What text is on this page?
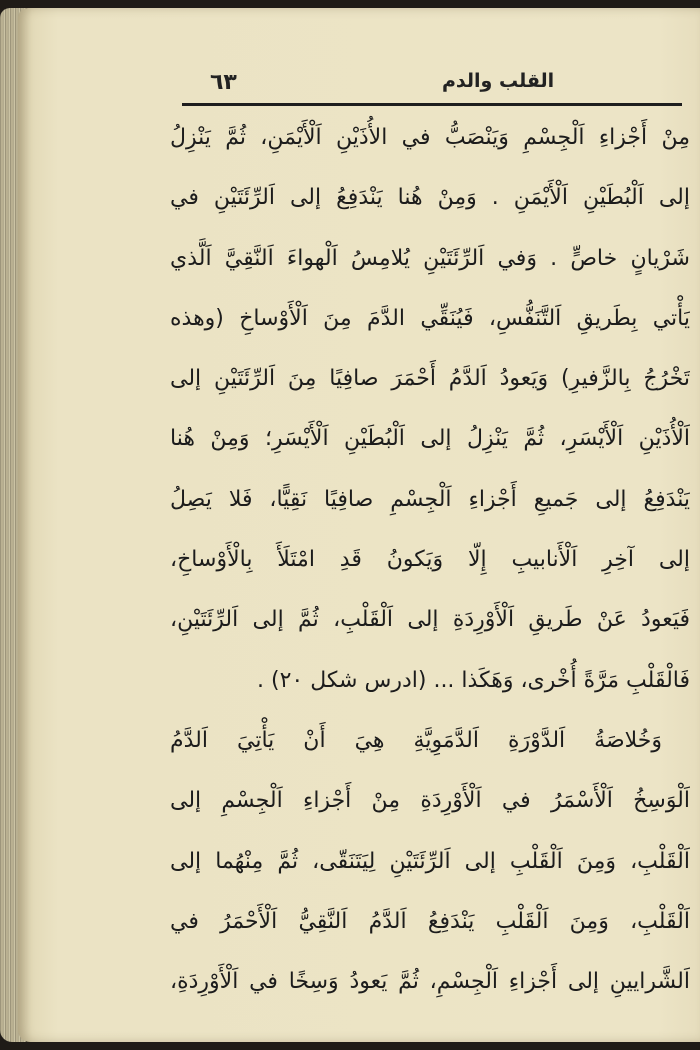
٦٣	القلب والدم
مِنْ أَجْزاءِ اَلْجِسْمِ وَيَنْصَبُّ في الأُذَيْنِ اَلْأَيْمَنِ، ثُمَّ يَنْزِلُ
إلى اَلْبُطَيْنِ اَلْأَيْمَنِ . وَمِنْ هُنا يَنْدَفِعُ إلى اَلرِّئَتَيْنِ في
شَرْيانٍ خاصٍّ . وَفي اَلرِّئَتَيْنِ يُلامِسُ اَلْهواءَ اَلنَّقِيَّ اَلَّذي
يَأْتي بِطَريقِ اَلتَّنَفُّسِ، فَيُنَقِّي الدَّمَ مِنَ اَلْأَوْساخِ (وهذه
تَخْرُجُ بِالزَّفيرِ) وَيَعودُ اَلدَّمُ أَحْمَرَ صافِيًا مِنَ اَلرِّئَتَيْنِ إلى
اَلْأُذَيْنِ اَلْأَيْسَرِ، ثُمَّ يَنْزِلُ إلى اَلْبُطَيْنِ اَلْأَيْسَرِ؛ وَمِنْ هُنا
يَنْدَفِعُ إلى جَميعِ أَجْزاءِ اَلْجِسْمِ صافِيًا نَقِيًّا، فَلا يَصِلُ
إلى آخِرِ اَلْأَنابيبِ إِلّا وَيَكونُ قَدِ امْتَلَأَ بِالْأَوْساخِ،
فَيَعودُ عَنْ طَريقِ اَلْأَوْرِدَةِ إلى اَلْقَلْبِ، ثُمَّ إلى اَلرِّئَتَيْنِ،
فَالْقَلْبِ مَرَّةً أُخْرى، وَهَكَذا ... (ادرس شكل ٢٠) .
وَخُلاصَةُ اَلدَّوْرَةِ اَلدَّمَوِيَّةِ هِيَ أَنْ يَأْتِيَ اَلدَّمُ
اَلْوَسِخُ اَلْأَسْمَرُ في اَلْأَوْرِدَةِ مِنْ أَجْزاءِ اَلْجِسْمِ إلى
اَلْقَلْبِ، وَمِنَ اَلْقَلْبِ إلى اَلرِّئَتَيْنِ لِيَتَنَقّى، ثُمَّ مِنْهُما إلى
اَلْقَلْبِ، وَمِنَ اَلْقَلْبِ يَنْدَفِعُ اَلدَّمُ اَلنَّقِيُّ اَلْأَحْمَرُ في
اَلشَّرايينِ إلى أَجْزاءِ اَلْجِسْمِ، ثُمَّ يَعودُ وَسِخًا في اَلْأَوْرِدَةِ،
